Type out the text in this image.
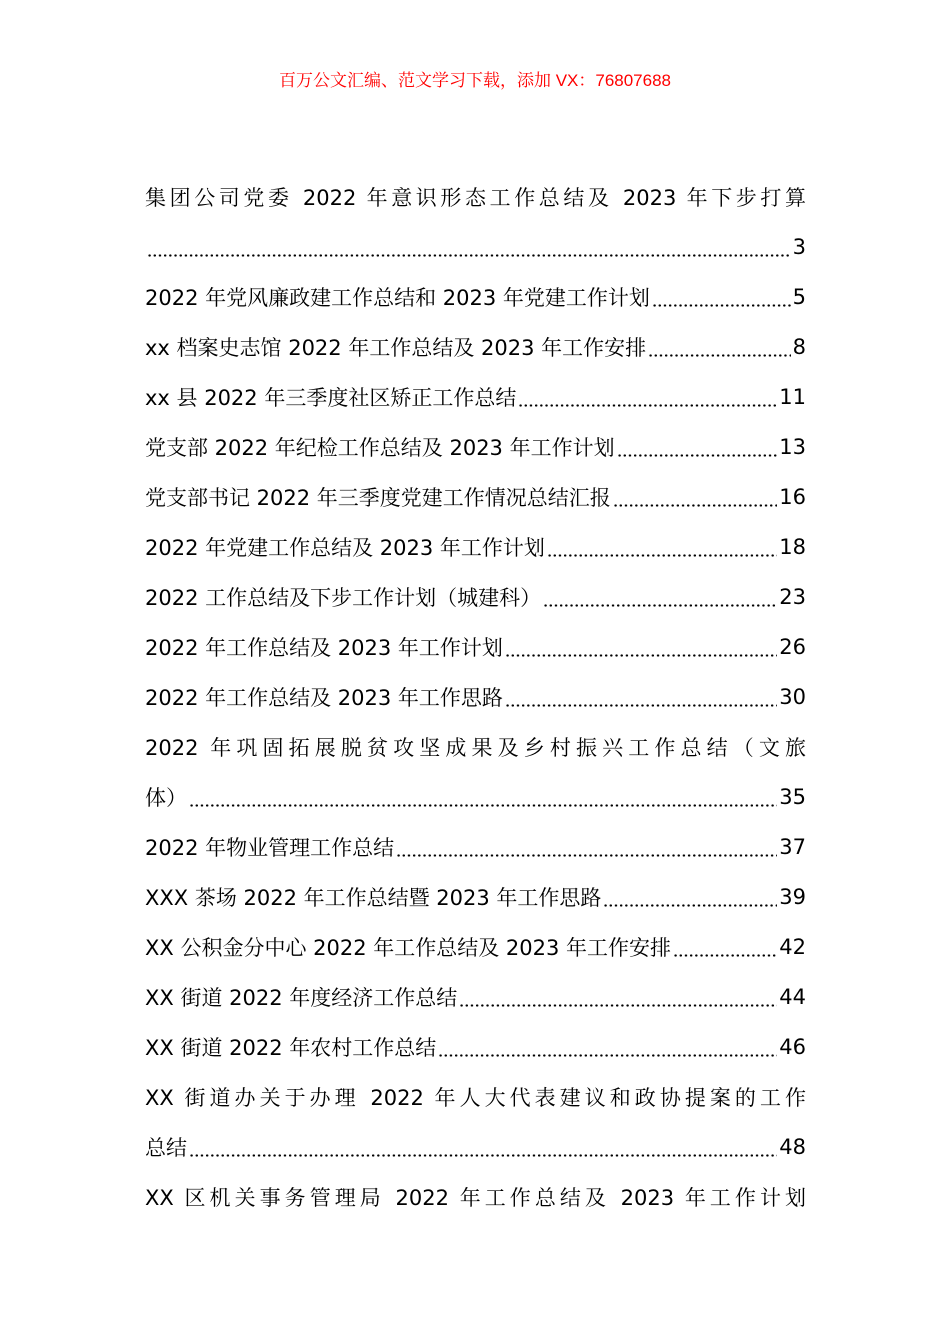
百万公文汇编、范文学习下载，添加 VX：76807688
集团公司党委 2022 年意识形态工作总结及 2023 年下步打算
3
2022 年党风廉政建工作总结和 2023 年党建工作计划	5
xx 档案史志馆 2022 年工作总结及 2023 年工作安排	8
xx 县 2022 年三季度社区矫正工作总结	11
党支部 2022 年纪检工作总结及 2023 年工作计划	13
党支部书记 2022 年三季度党建工作情况总结汇报	16
2022 年党建工作总结及 2023 年工作计划	18
2022 工作总结及下步工作计划（城建科）	23
2022 年工作总结及 2023 年工作计划	26
2022 年工作总结及 2023 年工作思路	30
2022 年巩固拓展脱贫攻坚成果及乡村振兴工作总结（文旅
体）	35
2022 年物业管理工作总结	37
XXX 茶场 2022 年工作总结暨 2023 年工作思路	39
XX 公积金分中心 2022 年工作总结及 2023 年工作安排	42
XX 街道 2022 年度经济工作总结	44
XX 街道 2022 年农村工作总结	46
XX 街道办关于办理 2022 年人大代表建议和政协提案的工作
总结	48
XX 区机关事务管理局 2022 年工作总结及 2023 年工作计划
